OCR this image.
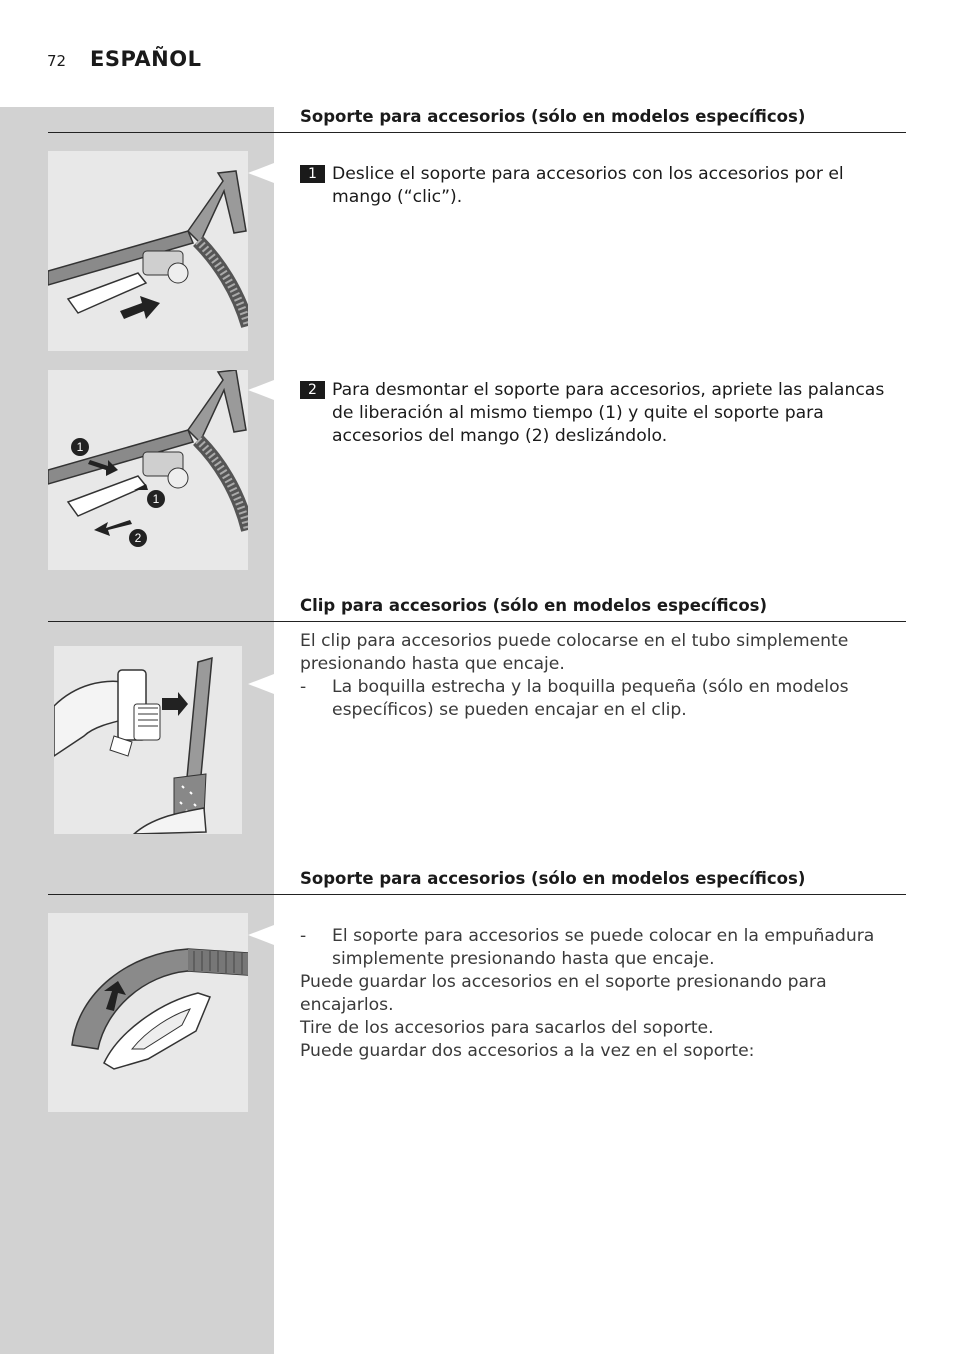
72 ESPAÑOL
Soporte para accesorios (sólo en modelos específicos)
1 Deslice el soporte para accesorios con los accesorios por el mango (“clic”).
1
1
2
2 Para desmontar el soporte para accesorios, apriete las palancas de liberación al mismo tiempo (1) y quite el soporte para accesorios del mango (2) deslizándolo.
Clip para accesorios (sólo en modelos específicos)
El clip para accesorios puede colocarse en el tubo simplemente presionando hasta que encaje.
-	La boquilla estrecha y la boquilla pequeña (sólo en modelos específicos) se pueden encajar en el clip.
Soporte para accesorios (sólo en modelos específicos)
-	El soporte para accesorios se puede colocar en la empuñadura simplemente presionando hasta que encaje.
Puede guardar los accesorios en el soporte presionando para encajarlos.
Tire de los accesorios para sacarlos del soporte.
Puede guardar dos accesorios a la vez en el soporte:
